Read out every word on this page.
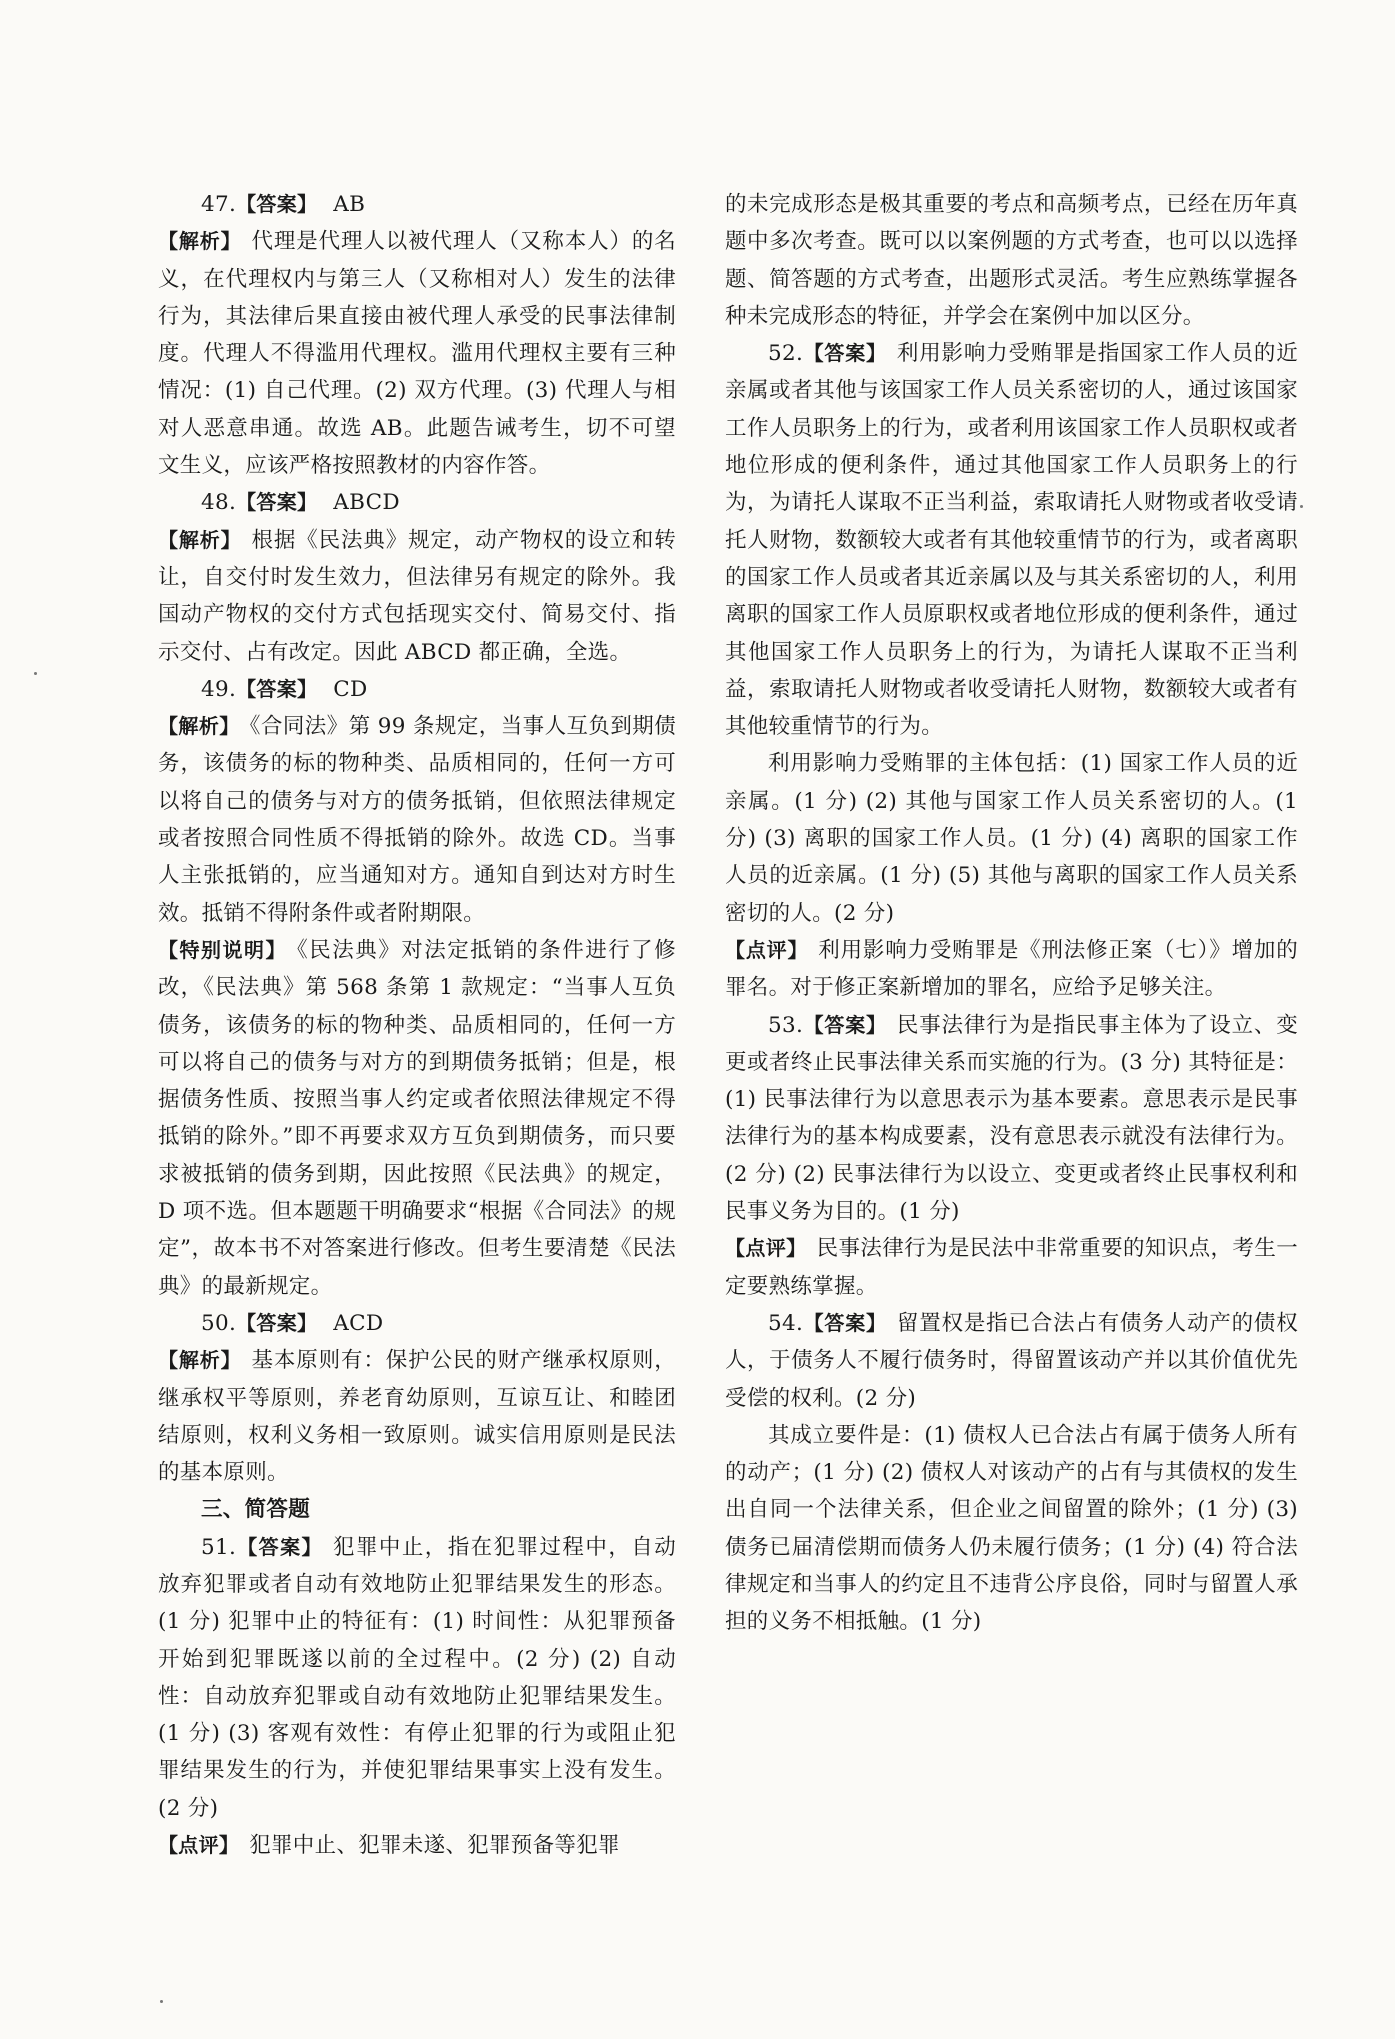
47.【答案】 AB

【解析】 代理是代理人以被代理人（又称本人）的名义，在代理权内与第三人（又称相对人）发生的法律行为，其法律后果直接由被代理人承受的民事法律制度。代理人不得滥用代理权。滥用代理权主要有三种情况：(1) 自己代理。(2) 双方代理。(3) 代理人与相对人恶意串通。故选 AB。此题告诫考生，切不可望文生义，应该严格按照教材的内容作答。

48.【答案】 ABCD

【解析】 根据《民法典》规定，动产物权的设立和转让，自交付时发生效力，但法律另有规定的除外。我国动产物权的交付方式包括现实交付、简易交付、指示交付、占有改定。因此 ABCD 都正确，全选。

49.【答案】 CD

【解析】 《合同法》第 99 条规定，当事人互负到期债务，该债务的标的物种类、品质相同的，任何一方可以将自己的债务与对方的债务抵销，但依照法律规定或者按照合同性质不得抵销的除外。故选 CD。当事人主张抵销的，应当通知对方。通知自到达对方时生效。抵销不得附条件或者附期限。

【特别说明】 《民法典》对法定抵销的条件进行了修改，《民法典》第 568 条第 1 款规定：“当事人互负债务，该债务的标的物种类、品质相同的，任何一方可以将自己的债务与对方的到期债务抵销；但是，根据债务性质、按照当事人约定或者依照法律规定不得抵销的除外。”即不再要求双方互负到期债务，而只要求被抵销的债务到期，因此按照《民法典》的规定，D 项不选。但本题题干明确要求“根据《合同法》的规定”，故本书不对答案进行修改。但考生要清楚《民法典》的最新规定。

50.【答案】 ACD

【解析】 基本原则有：保护公民的财产继承权原则，继承权平等原则，养老育幼原则，互谅互让、和睦团结原则，权利义务相一致原则。诚实信用原则是民法的基本原则。

三、简答题

51.【答案】 犯罪中止，指在犯罪过程中，自动放弃犯罪或者自动有效地防止犯罪结果发生的形态。(1 分) 犯罪中止的特征有：(1) 时间性：从犯罪预备开始到犯罪既遂以前的全过程中。(2 分) (2) 自动性：自动放弃犯罪或自动有效地防止犯罪结果发生。(1 分) (3) 客观有效性：有停止犯罪的行为或阻止犯罪结果发生的行为，并使犯罪结果事实上没有发生。(2 分)

【点评】 犯罪中止、犯罪未遂、犯罪预备等犯罪

的未完成形态是极其重要的考点和高频考点，已经在历年真题中多次考查。既可以以案例题的方式考查，也可以以选择题、简答题的方式考查，出题形式灵活。考生应熟练掌握各种未完成形态的特征，并学会在案例中加以区分。

52.【答案】 利用影响力受贿罪是指国家工作人员的近亲属或者其他与该国家工作人员关系密切的人，通过该国家工作人员职务上的行为，或者利用该国家工作人员职权或者地位形成的便利条件，通过其他国家工作人员职务上的行为，为请托人谋取不正当利益，索取请托人财物或者收受请托人财物，数额较大或者有其他较重情节的行为，或者离职的国家工作人员或者其近亲属以及与其关系密切的人，利用离职的国家工作人员原职权或者地位形成的便利条件，通过其他国家工作人员职务上的行为，为请托人谋取不正当利益，索取请托人财物或者收受请托人财物，数额较大或者有其他较重情节的行为。

利用影响力受贿罪的主体包括：(1) 国家工作人员的近亲属。(1 分) (2) 其他与国家工作人员关系密切的人。(1 分) (3) 离职的国家工作人员。(1 分) (4) 离职的国家工作人员的近亲属。(1 分) (5) 其他与离职的国家工作人员关系密切的人。(2 分)

【点评】 利用影响力受贿罪是《刑法修正案（七）》增加的罪名。对于修正案新增加的罪名，应给予足够关注。

53.【答案】 民事法律行为是指民事主体为了设立、变更或者终止民事法律关系而实施的行为。(3 分) 其特征是：(1) 民事法律行为以意思表示为基本要素。意思表示是民事法律行为的基本构成要素，没有意思表示就没有法律行为。(2 分) (2) 民事法律行为以设立、变更或者终止民事权利和民事义务为目的。(1 分)

【点评】 民事法律行为是民法中非常重要的知识点，考生一定要熟练掌握。

54.【答案】 留置权是指已合法占有债务人动产的债权人，于债务人不履行债务时，得留置该动产并以其价值优先受偿的权利。(2 分)

其成立要件是：(1) 债权人已合法占有属于债务人所有的动产；(1 分) (2) 债权人对该动产的占有与其债权的发生出自同一个法律关系，但企业之间留置的除外；(1 分) (3) 债务已届清偿期而债务人仍未履行债务；(1 分) (4) 符合法律规定和当事人的约定且不违背公序良俗，同时与留置人承担的义务不相抵触。(1 分)
